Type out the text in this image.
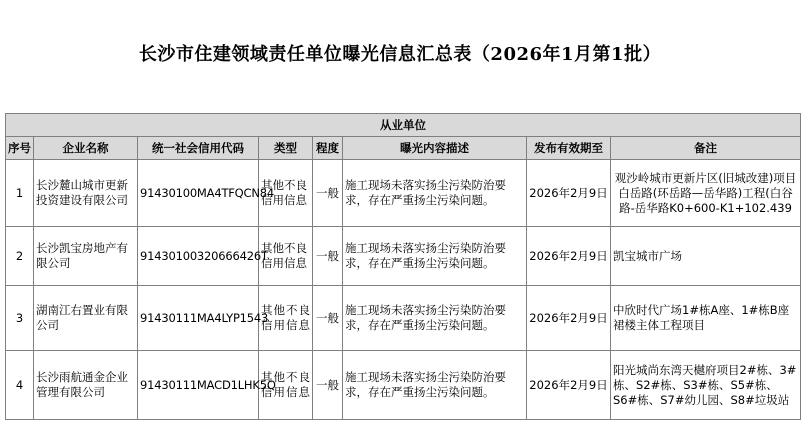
长沙市住建领域责任单位曝光信息汇总表（2026年1月第1批）
从业单位							
序号	企业名称	统一社会信用代码	类型	程度	曝光内容描述	发布有效期至	备注
1	长沙麓山城市更新投资建设有限公司	91430100MA4TFQCN84	其他不良信用信息	一般	施工现场未落实扬尘污染防治要求，存在严重扬尘污染问题。	2026年2月9日	观沙岭城市更新片区(旧城改建)项目白岳路(环岳路—岳华路)工程(白谷路-岳华路K0+600-K1+102.439
2	长沙凯宝房地产有限公司	91430100320666426T	其他不良信用信息	一般	施工现场未落实扬尘污染防治要求，存在严重扬尘污染问题。	2026年2月9日	凯宝城市广场
3	湖南江右置业有限公司	91430111MA4LYP1543	其他不良信用信息	一般	施工现场未落实扬尘污染防治要求，存在严重扬尘污染问题。	2026年2月9日	中欣时代广场1#栋A座、1#栋B座裙楼主体工程项目
4	长沙雨航通金企业管理有限公司	91430111MACD1LHK5Q	其他不良信用信息	一般	施工现场未落实扬尘污染防治要求，存在严重扬尘污染问题。	2026年2月9日	阳光城尚东湾天樾府项目2#栋、3#栋、S2#栋、S3#栋、S5#栋、S6#栋、S7#幼儿园、S8#垃圾站
